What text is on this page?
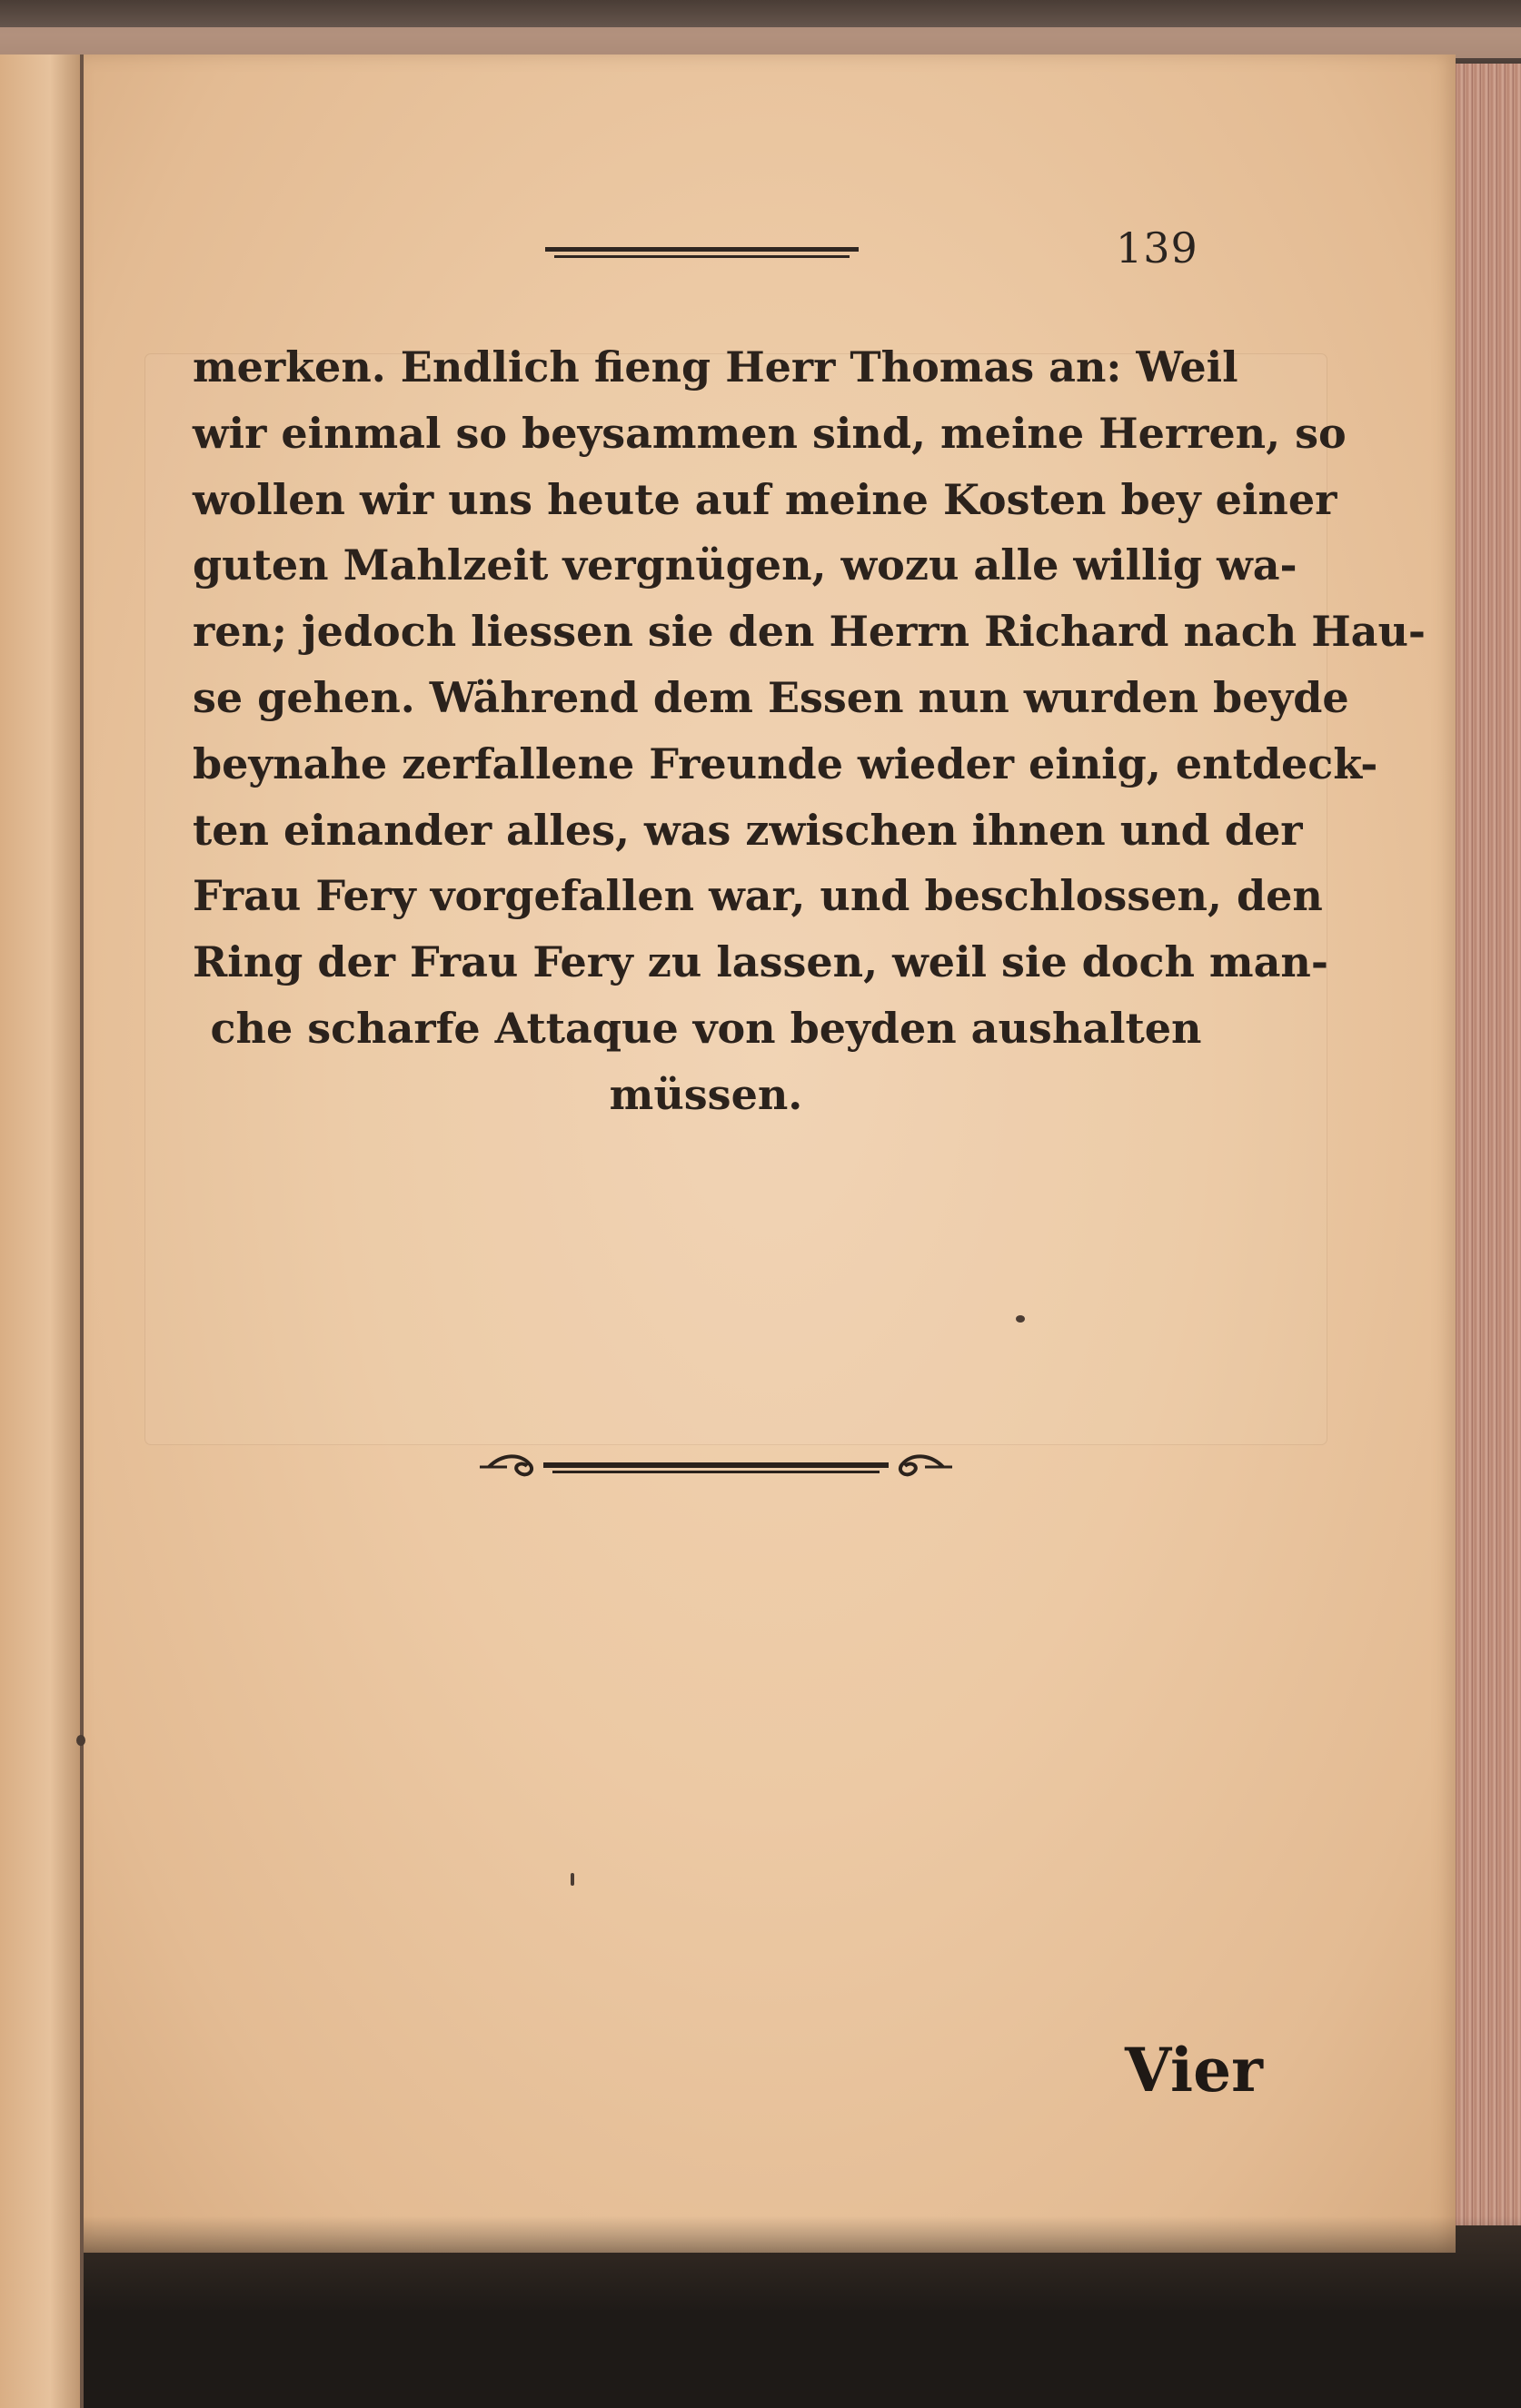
139
merken. Endlich fieng Herr Thomas an: Weil
wir einmal so beysammen sind, meine Herren, so
wollen wir uns heute auf meine Kosten bey einer
guten Mahlzeit vergnügen, wozu alle willig wa-
ren; jedoch liessen sie den Herrn Richard nach Hau-
se gehen. Während dem Essen nun wurden beyde
beynahe zerfallene Freunde wieder einig, entdeck-
ten einander alles, was zwischen ihnen und der
Frau Fery vorgefallen war, und beschlossen, den
Ring der Frau Fery zu lassen, weil sie doch man-
che scharfe Attaque von beyden aushalten
müssen.
Vier
